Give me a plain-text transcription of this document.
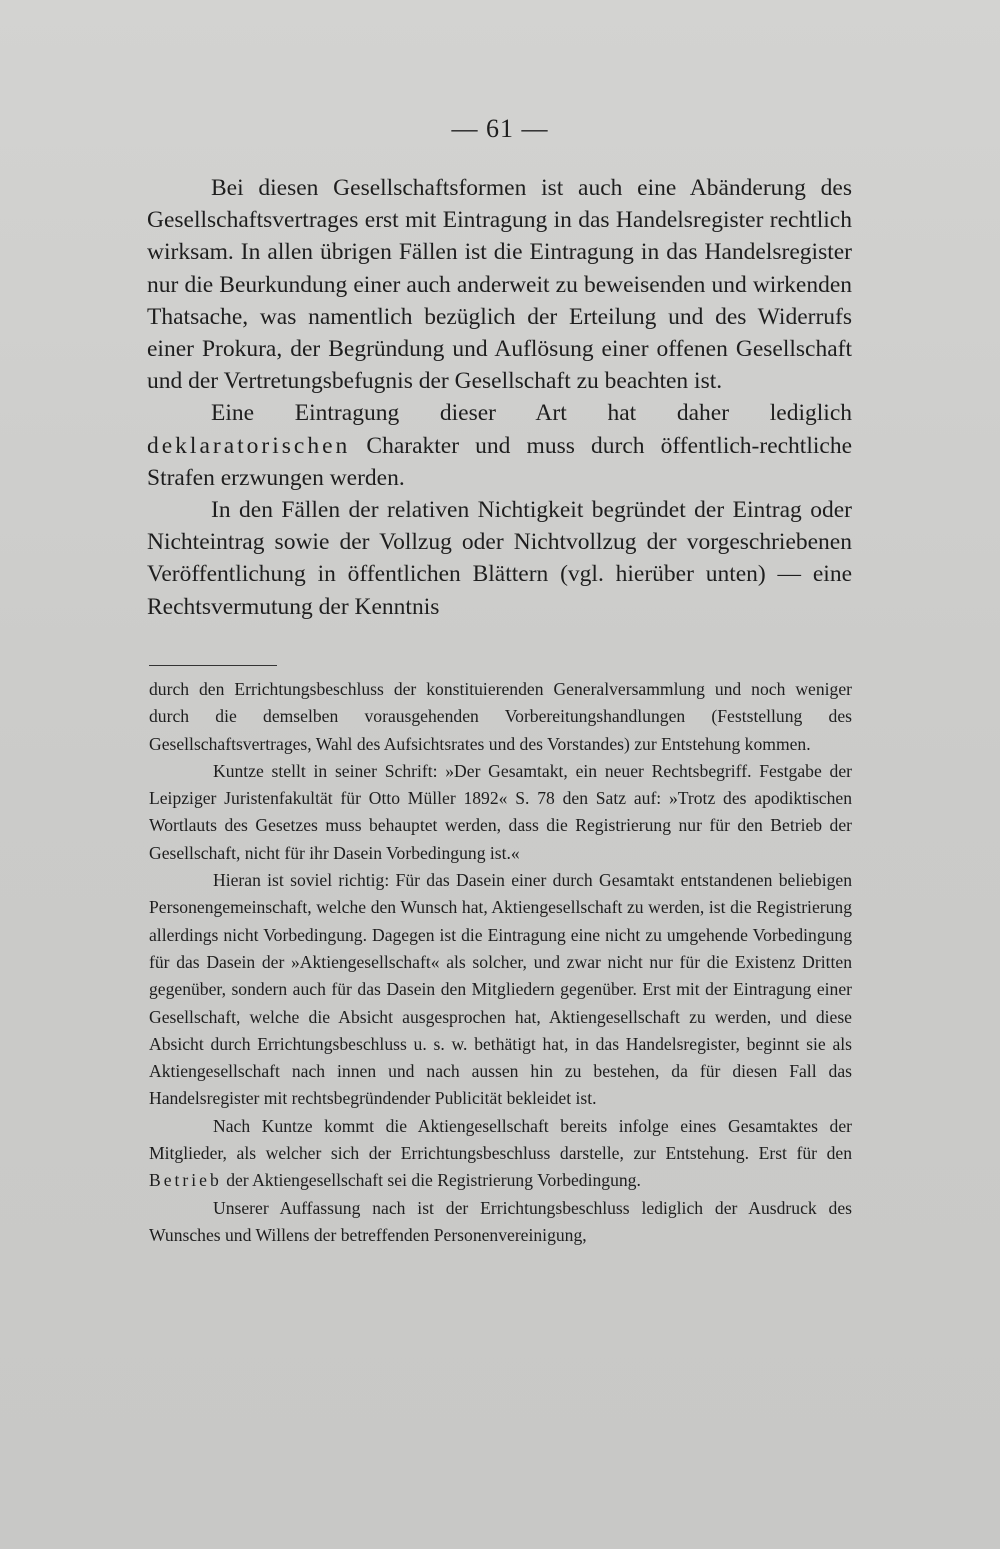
— 61 —

Bei diesen Gesellschaftsformen ist auch eine Abänderung des Gesellschaftsvertrages erst mit Eintragung in das Handelsregister rechtlich wirksam. In allen übrigen Fällen ist die Eintragung in das Handelsregister nur die Beurkundung einer auch anderweit zu beweisenden und wirkenden Thatsache, was namentlich bezüglich der Erteilung und des Widerrufs einer Prokura, der Begründung und Auflösung einer offenen Gesellschaft und der Vertretungsbefugnis der Gesellschaft zu beachten ist.

Eine Eintragung dieser Art hat daher lediglich deklaratorischen Charakter und muss durch öffentlich-rechtliche Strafen erzwungen werden.

In den Fällen der relativen Nichtigkeit begründet der Eintrag oder Nichteintrag sowie der Vollzug oder Nichtvollzug der vorgeschriebenen Veröffentlichung in öffentlichen Blättern (vgl. hierüber unten) — eine Rechtsvermutung der Kenntnis

durch den Errichtungsbeschluss der konstituierenden Generalversammlung und noch weniger durch die demselben vorausgehenden Vorbereitungshandlungen (Feststellung des Gesellschaftsvertrages, Wahl des Aufsichtsrates und des Vorstandes) zur Entstehung kommen.

Kuntze stellt in seiner Schrift: »Der Gesamtakt, ein neuer Rechtsbegriff. Festgabe der Leipziger Juristenfakultät für Otto Müller 1892« S. 78 den Satz auf: »Trotz des apodiktischen Wortlauts des Gesetzes muss behauptet werden, dass die Registrierung nur für den Betrieb der Gesellschaft, nicht für ihr Dasein Vorbedingung ist.«

Hieran ist soviel richtig: Für das Dasein einer durch Gesamtakt entstandenen beliebigen Personengemeinschaft, welche den Wunsch hat, Aktiengesellschaft zu werden, ist die Registrierung allerdings nicht Vorbedingung. Dagegen ist die Eintragung eine nicht zu umgehende Vorbedingung für das Dasein der »Aktiengesellschaft« als solcher, und zwar nicht nur für die Existenz Dritten gegenüber, sondern auch für das Dasein den Mitgliedern gegenüber. Erst mit der Eintragung einer Gesellschaft, welche die Absicht ausgesprochen hat, Aktiengesellschaft zu werden, und diese Absicht durch Errichtungsbeschluss u. s. w. bethätigt hat, in das Handelsregister, beginnt sie als Aktiengesellschaft nach innen und nach aussen hin zu bestehen, da für diesen Fall das Handelsregister mit rechtsbegründender Publicität bekleidet ist.

Nach Kuntze kommt die Aktiengesellschaft bereits infolge eines Gesamtaktes der Mitglieder, als welcher sich der Errichtungsbeschluss darstelle, zur Entstehung. Erst für den Betrieb der Aktiengesellschaft sei die Registrierung Vorbedingung.

Unserer Auffassung nach ist der Errichtungsbeschluss lediglich der Ausdruck des Wunsches und Willens der betreffenden Personenvereinigung,
